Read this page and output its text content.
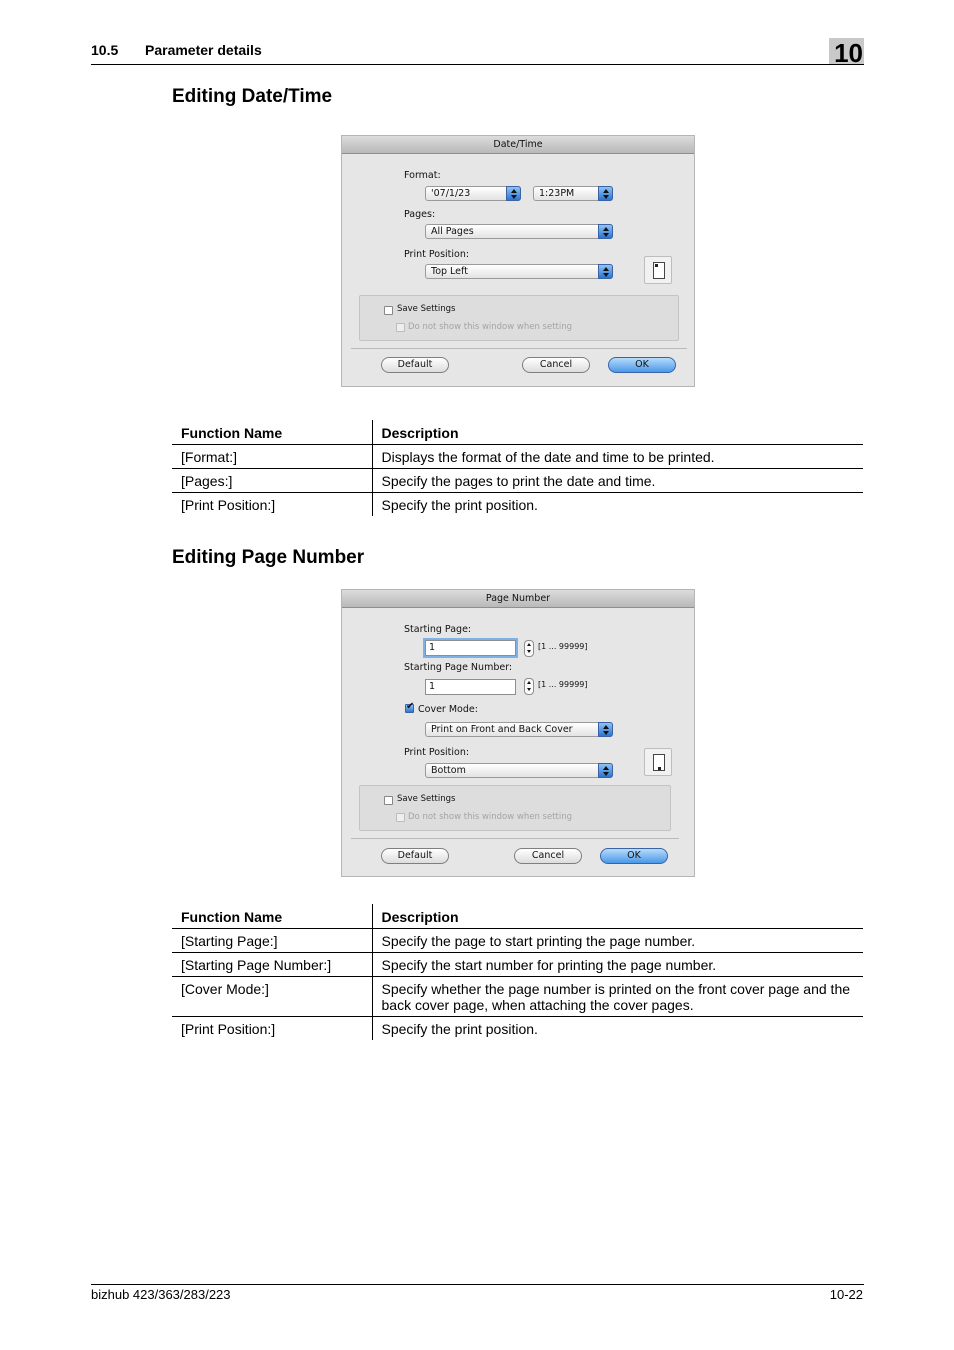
10.5 Parameter details	10
Editing Date/Time
Date/Time
Format:
'07/1/23	1:23PM
Pages:
All Pages
Print Position:
Top Left
Save Settings
Do not show this window when setting
Default	Cancel	OK
Function Name	Description
[Format:]	Displays the format of the date and time to be printed.
[Pages:]	Specify the pages to print the date and time.
[Print Position:]	Specify the print position.
Editing Page Number
Page Number
Starting Page:
1	[1 ... 99999]
Starting Page Number:
1	[1 ... 99999]
✔
Cover Mode:
Print on Front and Back Cover
Print Position:
Bottom
Save Settings
Do not show this window when setting
Default	Cancel	OK
Function Name	Description
[Starting Page:]	Specify the page to start printing the page number.
[Starting Page Number:]	Specify the start number for printing the page number.
[Cover Mode:]	Specify whether the page number is printed on the front cover page and the back cover page, when attaching the cover pages.
[Print Position:]	Specify the print position.
bizhub 423/363/283/223	10-22
